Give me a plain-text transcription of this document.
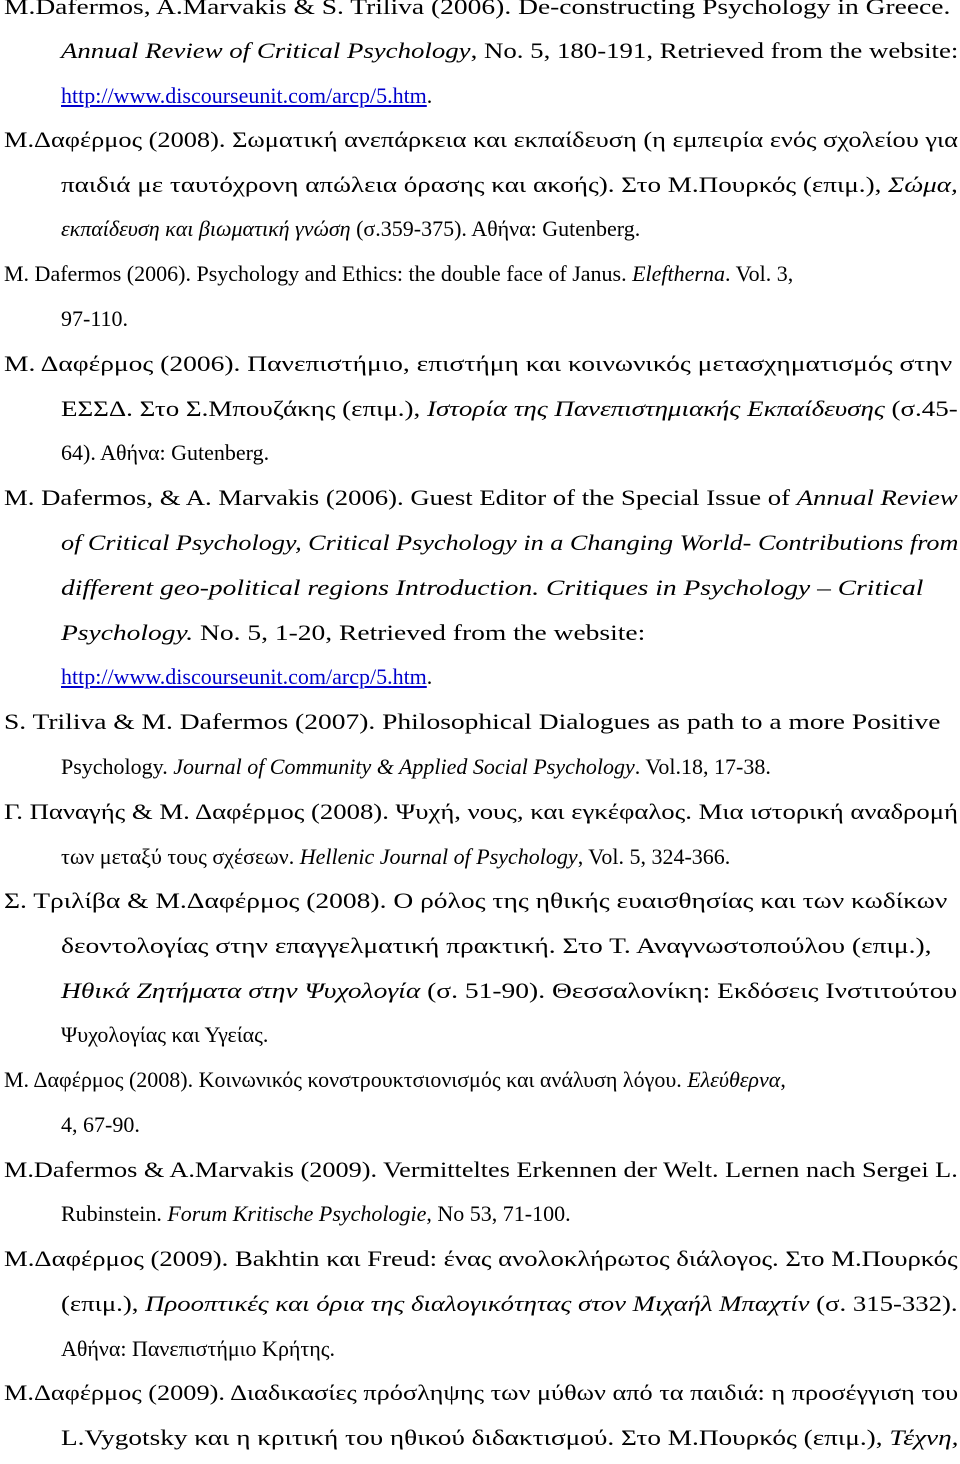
M.Dafermos, A.Marvakis & S. Triliva (2006). De-constructing Psychology in Greece.
Annual Review of Critical Psychology, No. 5, 180-191, Retrieved from the website:
http://www.discourseunit.com/arcp/5.htm.
Μ.Δαφέρμος (2008). Σωματική ανεπάρκεια και εκπαίδευση (η εμπειρία ενός σχολείου για
παιδιά με ταυτόχρονη απώλεια όρασης και ακοής). Στο Μ.Πουρκός (επιμ.), Σώμα,
εκπαίδευση και βιωματική γνώση (σ.359-375). Αθήνα: Gutenberg.
M. Dafermos (2006). Psychology and Ethics: the double face of Janus. Eleftherna. Vol. 3,
97-110.
Μ. Δαφέρμος (2006). Πανεπιστήμιο, επιστήμη και κοινωνικός μετασχηματισμός στην
ΕΣΣΔ. Στο Σ.Μπουζάκης (επιμ.), Ιστορία της Πανεπιστημιακής Εκπαίδευσης (σ.45-
64). Αθήνα: Gutenberg.
M. Dafermos, & A. Marvakis (2006). Guest Editor of the Special Issue of Annual Review
of Critical Psychology, Critical Psychology in a Changing World- Contributions from
different geo-political regions Introduction. Critiques in Psychology – Critical
Psychology. No. 5, 1-20, Retrieved from the website:
http://www.discourseunit.com/arcp/5.htm.
S. Triliva & M. Dafermos (2007). Philosophical Dialogues as path to a more Positive
Psychology. Journal of Community & Applied Social Psychology. Vol.18, 17-38.
Γ. Παναγής & Μ. Δαφέρμος (2008). Ψυχή, νους, και εγκέφαλος. Μια ιστορική αναδρομή
των μεταξύ τους σχέσεων. Hellenic Journal of Psychology, Vol. 5, 324-366.
Σ. Τριλίβα & Μ.Δαφέρμος (2008). Ο ρόλος της ηθικής ευαισθησίας και των κωδίκων
δεοντολογίας στην επαγγελματική πρακτική. Στο Τ. Αναγνωστοπούλου (επιμ.),
Ηθικά Ζητήματα στην Ψυχολογία (σ. 51-90). Θεσσαλονίκη: Εκδόσεις Ινστιτούτου
Ψυχολογίας και Υγείας.
Μ. Δαφέρμος (2008). Κοινωνικός κονστρουκτσιονισμός και ανάλυση λόγου. Ελεύθερνα,
4, 67-90.
M.Dafermos & A.Marvakis (2009). Vermitteltes Erkennen der Welt. Lernen nach Sergei L.
Rubinstein. Forum Kritische Psychologie, No 53, 71-100.
Μ.Δαφέρμος (2009). Bakhtin και Freud: ένας ανολοκλήρωτος διάλογος. Στο Μ.Πουρκός
(επιμ.), Προοπτικές και όρια της διαλογικότητας στον Μιχαήλ Μπαχτίν (σ. 315-332).
Αθήνα: Πανεπιστήμιο Κρήτης.
Μ.Δαφέρμος (2009). Διαδικασίες πρόσληψης των μύθων από τα παιδιά: η προσέγγιση του
L.Vygotsky και η κριτική του ηθικού διδακτισμού. Στο Μ.Πουρκός (επιμ.), Τέχνη,
